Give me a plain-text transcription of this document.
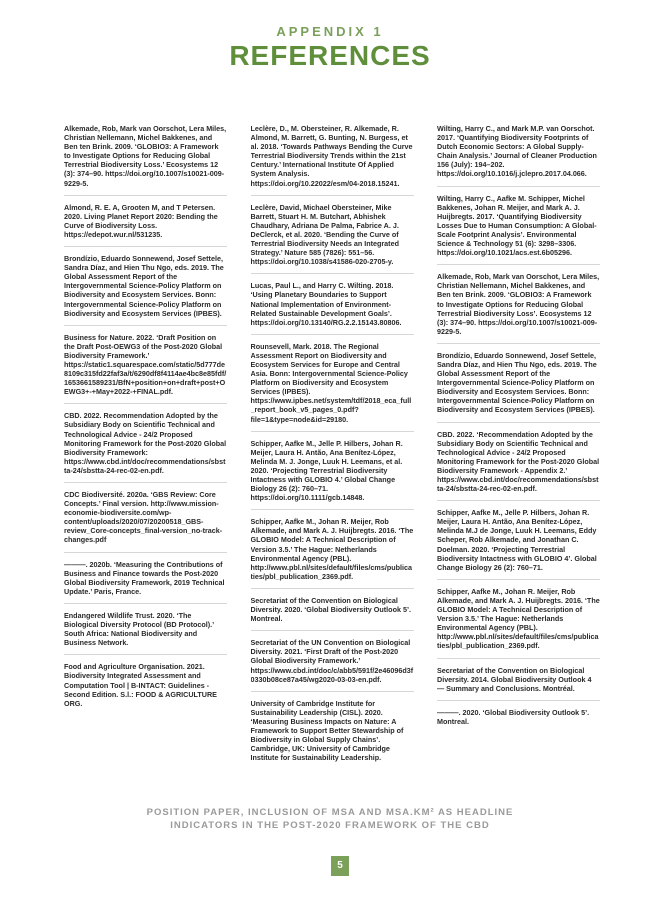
APPENDIX 1
REFERENCES
Alkemade, Rob, Mark van Oorschot, Lera Miles, Christian Nellemann, Michel Bakkenes, and Ben ten Brink. 2009. ‘GLOBIO3: A Framework to Investigate Options for Reducing Global Terrestrial Biodiversity Loss.’ Ecosystems 12 (3): 374–90. https://doi.org/10.1007/s10021-009-9229-5.
Almond, R. E. A, Grooten M, and T Petersen. 2020. Living Planet Report 2020: Bending the Curve of Biodiversity Loss. https://edepot.wur.nl/531235.
Brondízio, Eduardo Sonnewend, Josef Settele, Sandra Díaz, and Hien Thu Ngo, eds. 2019. The Global Assessment Report of the Intergovernmental Science-Policy Platform on Biodiversity and Ecosystem Services. Bonn: Intergovernmental Science-Policy Platform on Biodiversity and Ecosystem Services (IPBES).
Business for Nature. 2022. ‘Draft Position on the Draft Post-OEWG3 of the Post-2020 Global Biodiversity Framework.’ https://static1.squarespace.com/static/5d777de8109c315fd22faf3a/t/6290df8f4114ae4bc8e85fdf/1653661589231/BfN+position+on+draft+post+OEWG3+-+May+2022-+FINAL.pdf.
CBD. 2022. Recommendation Adopted by the Subsidiary Body on Scientific Technical and Technological Advice - 24/2 Proposed Monitoring Framework for the Post-2020 Global Biodiversity Framework: https://www.cbd.int/doc/recommendations/sbstta-24/sbstta-24-rec-02-en.pdf.
CDC Biodiversité. 2020a. ‘GBS Review: Core Concepts.’ Final version. http://www.mission-economie-biodiversite.com/wp-content/uploads/2020/07/20200518_GBS-review_Core-concepts_final-version_no-track-changes.pdf
———. 2020b. ‘Measuring the Contributions of Business and Finance towards the Post-2020 Global Biodiversity Framework, 2019 Technical Update.’ Paris, France.
Endangered Wildlife Trust. 2020. ‘The Biological Diversity Protocol (BD Protocol).’ South Africa: National Biodiversity and Business Network.
Food and Agriculture Organisation. 2021. Biodiversity Integrated Assessment and Computation Tool | B-INTACT: Guidelines - Second Edition. S.l.: FOOD & AGRICULTURE ORG.
Leclère, D., M. Obersteiner, R. Alkemade, R. Almond, M. Barrett, G. Bunting, N. Burgess, et al. 2018. ‘Towards Pathways Bending the Curve Terrestrial Biodiversity Trends within the 21st Century.’ International Institute Of Applied System Analysis. https://doi.org/10.22022/esm/04-2018.15241.
Leclère, David, Michael Obersteiner, Mike Barrett, Stuart H. M. Butchart, Abhishek Chaudhary, Adriana De Palma, Fabrice A. J. DeClerck, et al. 2020. ‘Bending the Curve of Terrestrial Biodiversity Needs an Integrated Strategy.’ Nature 585 (7826): 551–56. https://doi.org/10.1038/s41586-020-2705-y.
Lucas, Paul L., and Harry C. Wilting. 2018. ‘Using Planetary Boundaries to Support National Implementation of Environment-Related Sustainable Development Goals’. https://doi.org/10.13140/RG.2.2.15143.80806.
Rounsevell, Mark. 2018. The Regional Assessment Report on Biodiversity and Ecosystem Services for Europe and Central Asia. Bonn: Intergovernmental Science-Policy Platform on Biodiversity and Ecosystem Services (IPBES). https://www.ipbes.net/system/tdf/2018_eca_full_report_book_v5_pages_0.pdf?file=1&type=node&id=29180.
Schipper, Aafke M., Jelle P. Hilbers, Johan R. Meijer, Laura H. Antão, Ana Benítez-López, Melinda M. J. Jonge, Luuk H. Leemans, et al. 2020. ‘Projecting Terrestrial Biodiversity Intactness with GLOBIO 4.’ Global Change Biology 26 (2): 760–71. https://doi.org/10.1111/gcb.14848.
Schipper, Aafke M., Johan R. Meijer, Rob Alkemade, and Mark A. J. Huijbregts. 2016. ‘The GLOBIO Model: A Technical Description of Version 3.5.’ The Hague: Netherlands Environmental Agency (PBL). http://www.pbl.nl/sites/default/files/cms/publicaties/pbl_publication_2369.pdf.
Secretariat of the Convention on Biological Diversity. 2020. ‘Global Biodiversity Outlook 5’. Montreal.
Secretariat of the UN Convention on Biological Diversity. 2021. ‘First Draft of the Post-2020 Global Biodiversity Framework.’ https://www.cbd.int/doc/c/abb5/591f/2e46096d3f0330b08ce87a45/wg2020-03-03-en.pdf.
University of Cambridge Institute for Sustainability Leadership (CISL). 2020. ‘Measuring Business Impacts on Nature: A Framework to Support Better Stewardship of Biodiversity in Global Supply Chains’. Cambridge, UK: University of Cambridge Institute for Sustainability Leadership.
Wilting, Harry C., and Mark M.P. van Oorschot. 2017. ‘Quantifying Biodiversity Footprints of Dutch Economic Sectors: A Global Supply-Chain Analysis.’ Journal of Cleaner Production 156 (July): 194–202. https://doi.org/10.1016/j.jclepro.2017.04.066.
Wilting, Harry C., Aafke M. Schipper, Michel Bakkenes, Johan R. Meijer, and Mark A. J. Huijbregts. 2017. ‘Quantifying Biodiversity Losses Due to Human Consumption: A Global-Scale Footprint Analysis’. Environmental Science & Technology 51 (6): 3298–3306. https://doi.org/10.1021/acs.est.6b05296.
Alkemade, Rob, Mark van Oorschot, Lera Miles, Christian Nellemann, Michel Bakkenes, and Ben ten Brink. 2009. ‘GLOBIO3: A Framework to Investigate Options for Reducing Global Terrestrial Biodiversity Loss’. Ecosystems 12 (3): 374–90. https://doi.org/10.1007/s10021-009-9229-5.
Brondízio, Eduardo Sonnewend, Josef Settele, Sandra Díaz, and Hien Thu Ngo, eds. 2019. The Global Assessment Report of the Intergovernmental Science-Policy Platform on Biodiversity and Ecosystem Services. Bonn: Intergovernmental Science-Policy Platform on Biodiversity and Ecosystem Services (IPBES).
CBD. 2022. ‘Recommendation Adopted by the Subsidiary Body on Scientific Technical and Technological Advice - 24/2 Proposed Monitoring Framework for the Post-2020 Global Biodiversity Framework - Appendix 2.’ https://www.cbd.int/doc/recommendations/sbstta-24/sbstta-24-rec-02-en.pdf.
Schipper, Aafke M., Jelle P. Hilbers, Johan R. Meijer, Laura H. Antão, Ana Benítez-López, Melinda M.J de Jonge, Luuk H. Leemans, Eddy Scheper, Rob Alkemade, and Jonathan C. Doelman. 2020. ‘Projecting Terrestrial Biodiversity Intactness with GLOBIO 4’. Global Change Biology 26 (2): 760–71.
Schipper, Aafke M., Johan R. Meijer, Rob Alkemade, and Mark A. J. Huijbregts. 2016. ‘The GLOBIO Model: A Technical Description of Version 3.5.’ The Hague: Netherlands Environmental Agency (PBL). http://www.pbl.nl/sites/default/files/cms/publicaties/pbl_publication_2369.pdf.
Secretariat of the Convention on Biological Diversity. 2014. Global Biodiversity Outlook 4 — Summary and Conclusions. Montréal.
———. 2020. ‘Global Biodiversity Outlook 5’. Montreal.
POSITION PAPER, INCLUSION OF MSA AND MSA.KM² AS HEADLINE
INDICATORS IN THE POST-2020 FRAMEWORK OF THE CBD
5
